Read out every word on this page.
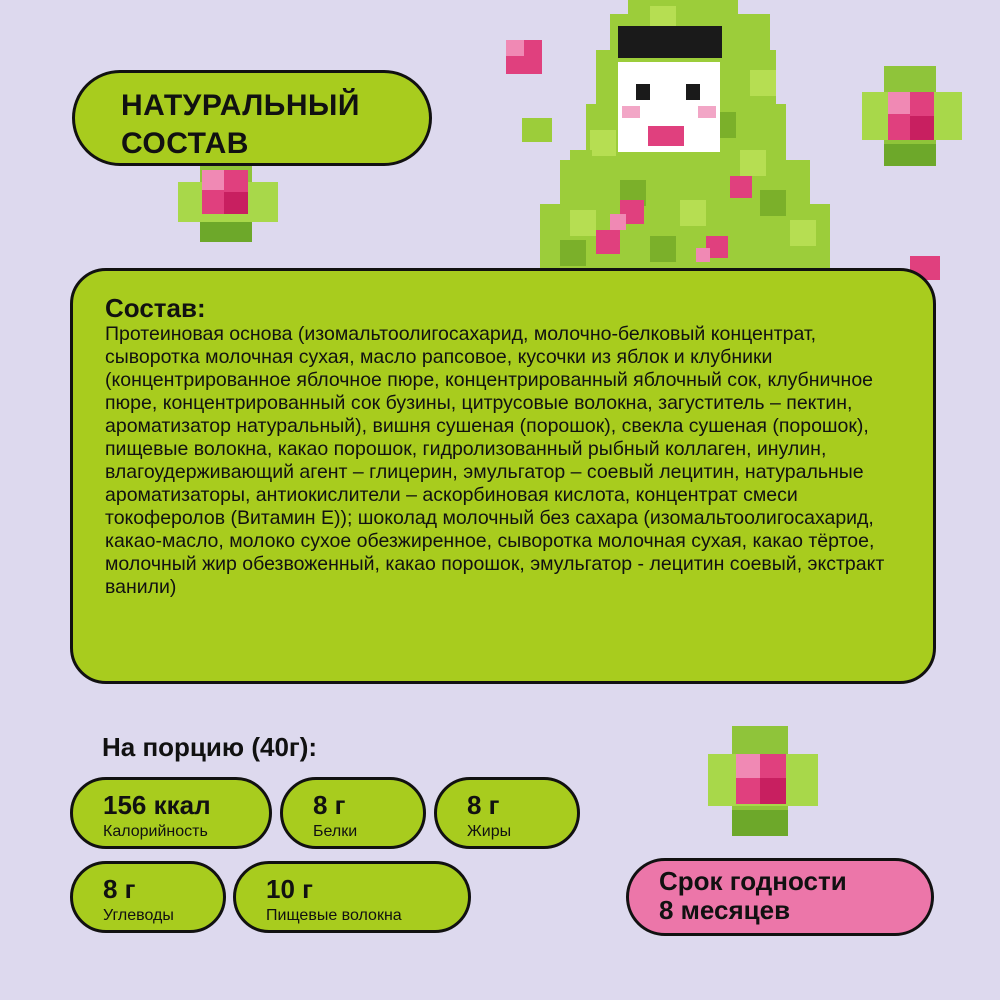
НАТУРАЛЬНЫЙ
СОСТАВ
Состав:

Протеиновая основа (изомальтоолигосахарид, молочно-белковый концентрат, сыворотка молочная сухая, масло рапсовое, кусочки из яблок и клубники (концентрированное яблочное пюре, концентрированный яблочный сок, клубничное пюре, концентрированный сок бузины, цитрусовые волокна, загуститель – пектин, ароматизатор натуральный), вишня сушеная (порошок), свекла сушеная (порошок), пищевые волокна, какао порошок, гидролизованный рыбный коллаген, инулин, влагоудерживающий агент – глицерин, эмульгатор – соевый лецитин, натуральные ароматизаторы, антиокислители – аскорбиновая кислота, концентрат смеси токоферолов (Витамин Е)); шоколад молочный без сахара (изомальтоолигосахарид, какао-масло, молоко сухое обезжиренное, сыворотка молочная сухая, какао тёртое, молочный жир обезвоженный, какао порошок, эмульгатор - лецитин соевый, экстракт ванили)

На порцию (40г):
156 ккал
Калорийность
8 г
Белки
8 г
Жиры
8 г
Углеводы
10 г
Пищевые волокна
Срок годности
8 месяцев
